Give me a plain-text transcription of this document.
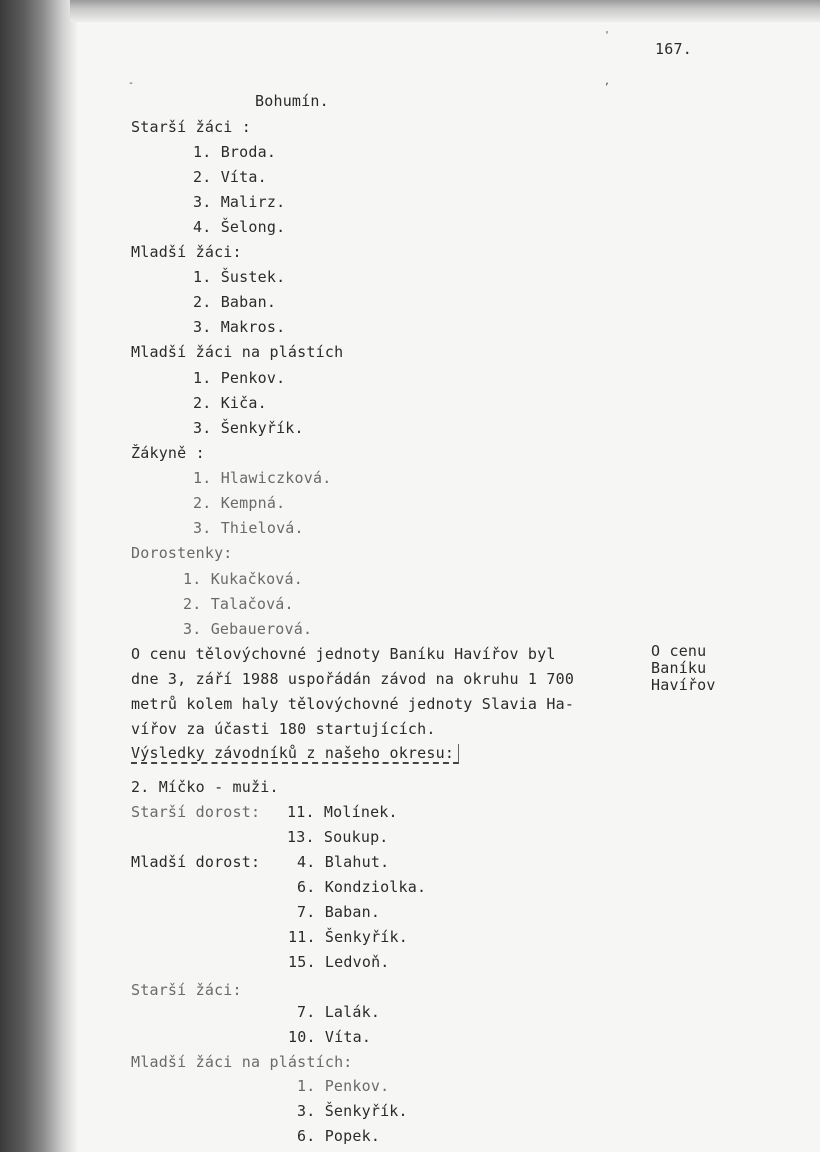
-	,
'
167.
Bohumín.
Starší žáci :
1. Broda.
2. Víta.
3. Malirz.
4. Šelong.
Mladší žáci:
1. Šustek.
2. Baban.
3. Makros.
Mladší žáci na plástích
1. Penkov.
2. Kiča.
3. Šenkyřík.
Žákyně :
1. Hlawiczková.
2. Kempná.
3. Thielová.
Dorostenky:
1. Kukačková.
2. Talačová.
3. Gebauerová.
O cenu tělovýchovné jednoty Baníku Havířov byl
dne 3, září 1988 uspořádán závod na okruhu 1 700
metrů kolem haly tělovýchovné jednoty Slavia Ha-
vířov za účasti 180 startujících.
O cenu
Baníku
Havířov
Výsledky závodníků z našeho okresu:
2. Míčko - muži.
Starší dorost: 11. Molínek.
13. Soukup.
Mladší dorost: 4. Blahut.
6. Kondziolka.
7. Baban.
11. Šenkyřík.
15. Ledvoň.
Starší žáci:
7. Lalák.
10. Víta.
Mladší žáci na plástích:
1. Penkov.
3. Šenkyřík.
6. Popek.
